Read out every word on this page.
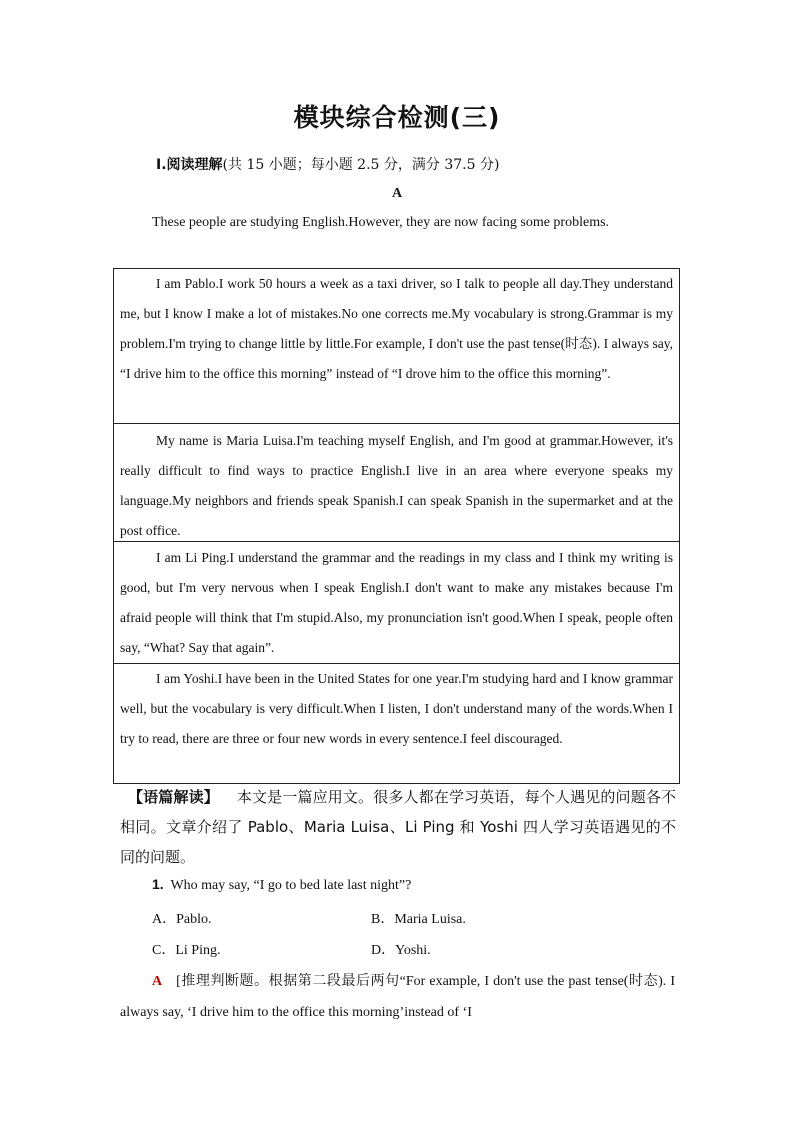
模块综合检测(三)
Ⅰ.阅读理解(共 15 小题；每小题 2.5 分，满分 37.5 分)
A
These people are studying English.However, they are now facing some problems.
I am Pablo.I work 50 hours a week as a taxi driver, so I talk to people all day.They understand me, but I know I make a lot of mistakes.No one corrects me.My vocabulary is strong.Grammar is my problem.I'm trying to change little by little.For example, I don't use the past tense(时态). I always say, “I drive him to the office this morning” instead of “I drove him to the office this morning”.
My name is Maria Luisa.I'm teaching myself English, and I'm good at grammar.However, it's really difficult to find ways to practice English.I live in an area where everyone speaks my language.My neighbors and friends speak Spanish.I can speak Spanish in the supermarket and at the post office.
I am Li Ping.I understand the grammar and the readings in my class and I think my writing is good, but I'm very nervous when I speak English.I don't want to make any mistakes because I'm afraid people will think that I'm stupid.Also, my pronunciation isn't good.When I speak, people often say, “What? Say that again”.
I am Yoshi.I have been in the United States for one year.I'm studying hard and I know grammar well, but the vocabulary is very difficult.When I listen, I don't understand many of the words.When I try to read, there are three or four new words in every sentence.I feel discouraged.
【语篇解读】 本文是一篇应用文。很多人都在学习英语，每个人遇见的问题各不相同。文章介绍了 Pablo、Maria Luisa、Li Ping 和 Yoshi 四人学习英语遇见的不同的问题。
1. Who may say, “I go to bed late last night”?
A．Pablo.	B．Maria Luisa.
C．Li Ping.	D．Yoshi.
A [推理判断题。根据第二段最后两句“For example, I don't use the past tense(时态). I always say, ‘I drive him to the office this morning’instead of ‘I
